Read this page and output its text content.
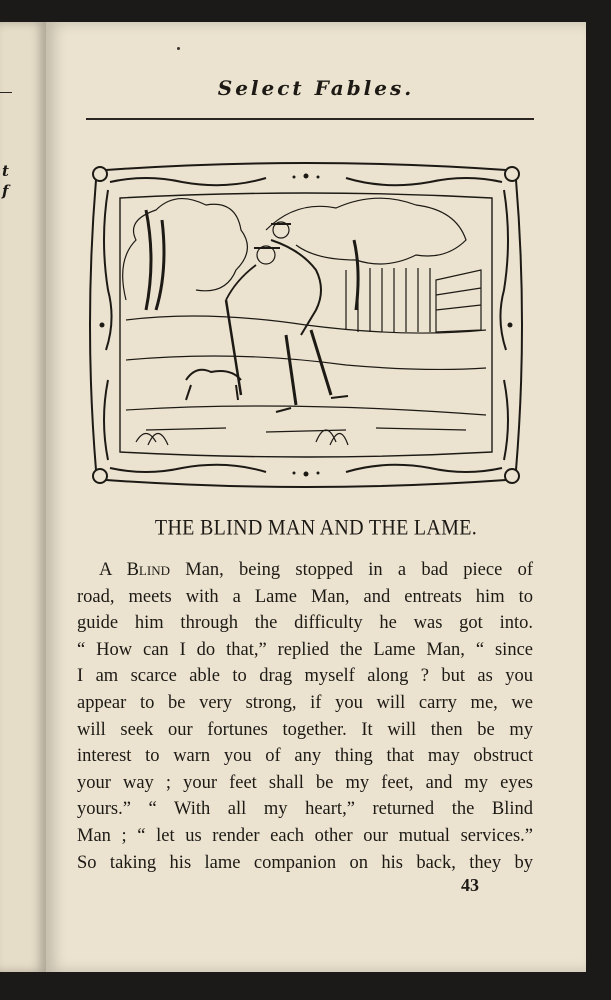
t
f
Select Fables.
THE BLIND MAN AND THE LAME.
A Blind Man, being stopped in a bad piece of
road, meets with a Lame Man, and entreats him to
guide him through the difficulty he was got into.
“ How can I do that,” replied the Lame Man, “ since
I am scarce able to drag myself along ? but as you
appear to be very strong, if you will carry me, we
will seek our fortunes together. It will then be my
interest to warn you of any thing that may obstruct
your way ; your feet shall be my feet, and my eyes
yours.” “ With all my heart,” returned the Blind
Man ; “ let us render each other our mutual services.”
So taking his lame companion on his back, they by
43
